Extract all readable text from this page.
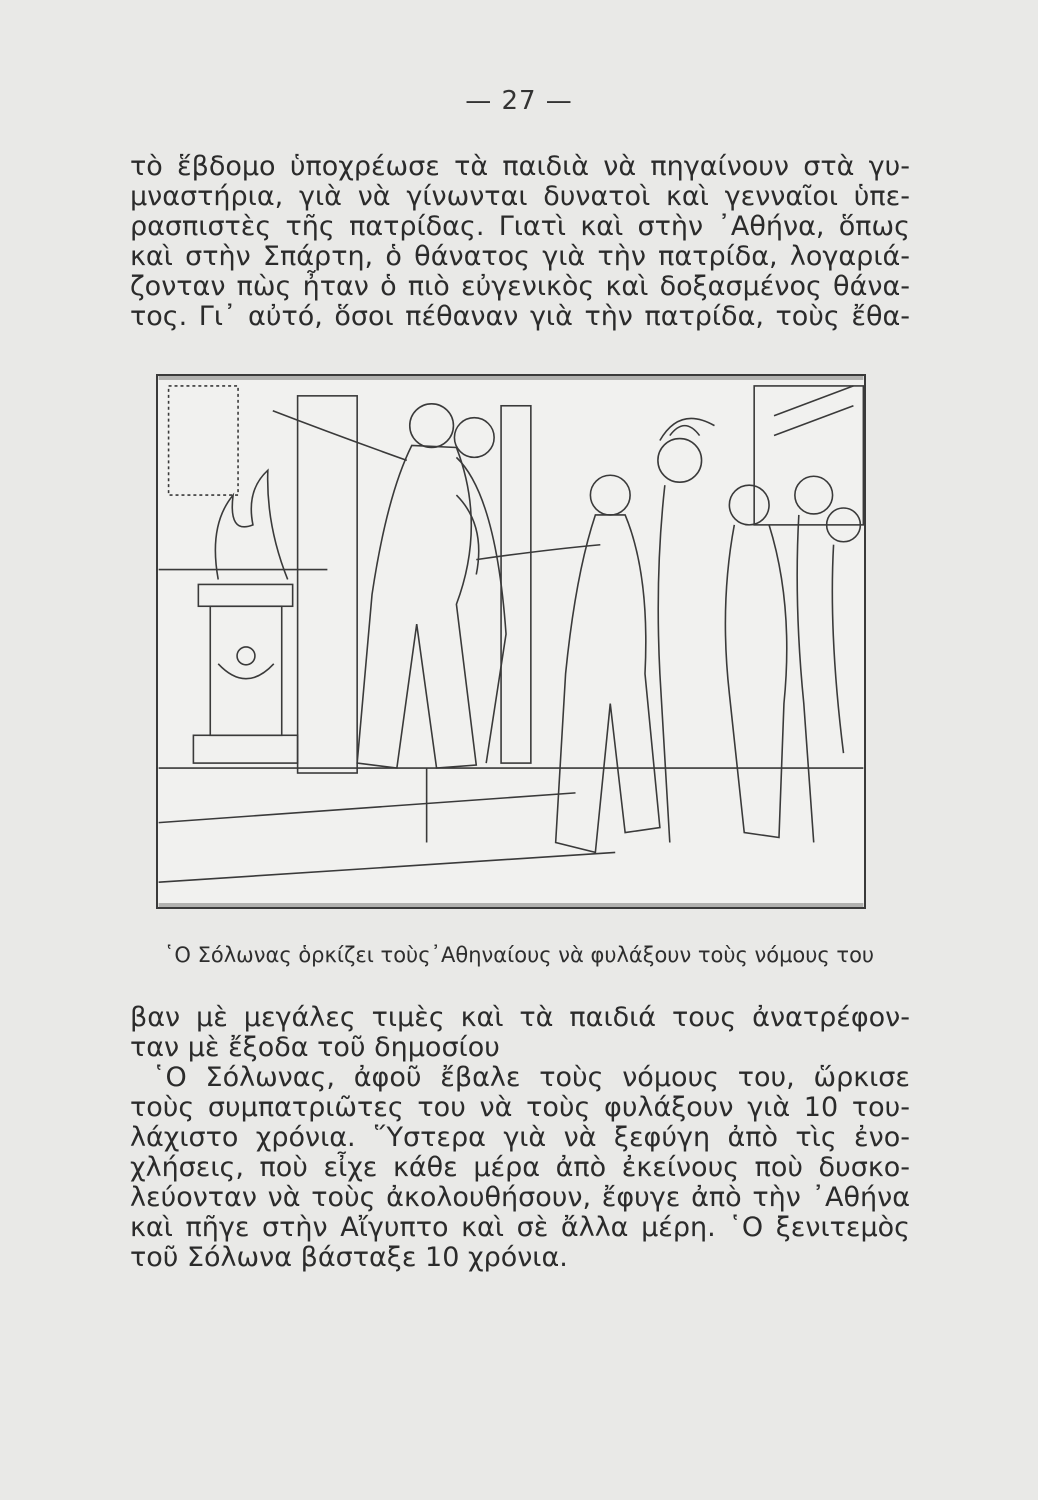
— 27 —
τὸ ἕβδομο ὑποχρέωσε τὰ παιδιὰ νὰ πηγαίνουν στὰ γυ-
μναστήρια, γιὰ νὰ γίνωνται δυνατοὶ καὶ γενναῖοι ὑπε-
ρασπιστὲς τῆς πατρίδας. Γιατὶ καὶ στὴν ᾿Αθήνα, ὅπως
καὶ στὴν Σπάρτη, ὁ θάνατος γιὰ τὴν πατρίδα, λογαριά-
ζονταν πὼς ἦταν ὁ πιὸ εὐγενικὸς καὶ δοξασμένος θάνα-
τος. Γι᾿ αὐτό, ὅσοι πέθαναν γιὰ τὴν πατρίδα, τοὺς ἔθα-
῾Ο Σόλωνας ὁρκίζει τοὺς᾿Αθηναίους νὰ φυλάξουν τοὺς νόμους του
βαν μὲ μεγάλες τιμὲς καὶ τὰ παιδιά τους ἀνατρέφον-
ταν μὲ ἔξοδα τοῦ δημοσίου
῾Ο Σόλωνας, ἀφοῦ ἔβαλε τοὺς νόμους του, ὥρκισε
τοὺς συμπατριῶτες του νὰ τοὺς φυλάξουν γιὰ 10 του-
λάχιστο χρόνια. ῞Υστερα γιὰ νὰ ξεφύγη ἀπὸ τὶς ἐνο-
χλήσεις, ποὺ εἶχε κάθε μέρα ἀπὸ ἐκείνους ποὺ δυσκο-
λεύονταν νὰ τοὺς ἀκολουθήσουν, ἔφυγε ἀπὸ τὴν ᾿Αθήνα
καὶ πῆγε στὴν Αἴγυπτο καὶ σὲ ἄλλα μέρη. ῾Ο ξενιτεμὸς
τοῦ Σόλωνα βάσταξε 10 χρόνια.
